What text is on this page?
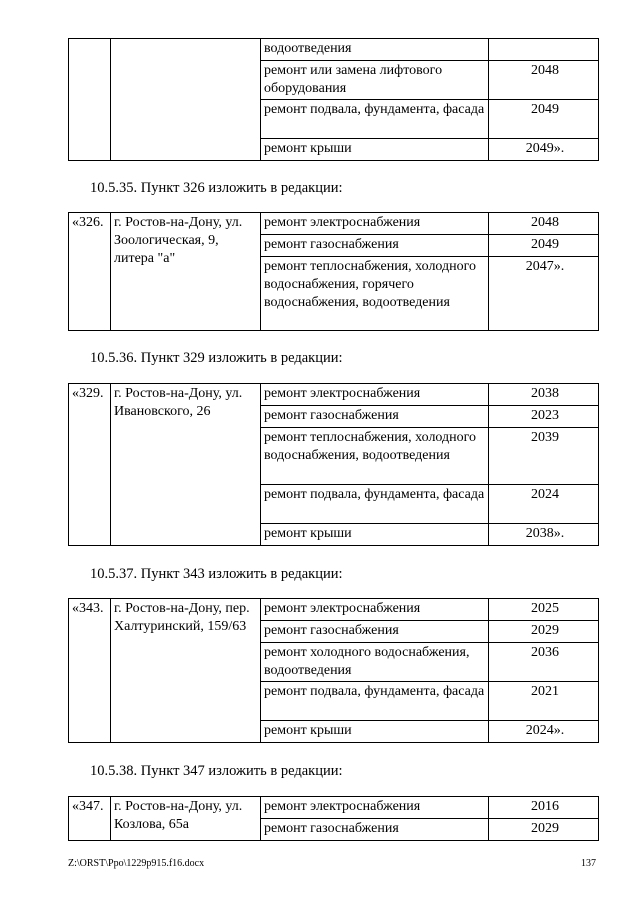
		водоотведения	
		ремонт или замена лифтового оборудования	2048
		ремонт подвала, фундамента, фасада	2049
		ремонт крыши	2049».
10.5.35. Пункт 326 изложить в редакции:
«326.	г. Ростов-на-Дону, ул. Зоологическая, 9, литера "а"	ремонт электроснабжения	2048
		ремонт газоснабжения	2049
		ремонт теплоснабжения, холодного водоснабжения, горячего водоснабжения, водоотведения	2047».
10.5.36. Пункт 329 изложить в редакции:
«329.	г. Ростов-на-Дону, ул. Ивановского, 26	ремонт электроснабжения	2038
		ремонт газоснабжения	2023
		ремонт теплоснабжения, холодного водоснабжения, водоотведения	2039
		ремонт подвала, фундамента, фасада	2024
		ремонт крыши	2038».
10.5.37. Пункт 343 изложить в редакции:
«343.	г. Ростов-на-Дону, пер. Халтуринский, 159/63	ремонт электроснабжения	2025
		ремонт газоснабжения	2029
		ремонт холодного водоснабжения, водоотведения	2036
		ремонт подвала, фундамента, фасада	2021
		ремонт крыши	2024».
10.5.38. Пункт 347 изложить в редакции:
«347.	г. Ростов-на-Дону, ул. Козлова, 65а	ремонт электроснабжения	2016
		ремонт газоснабжения	2029
Z:\ORST\Ppo\1229p915.f16.docx	137
